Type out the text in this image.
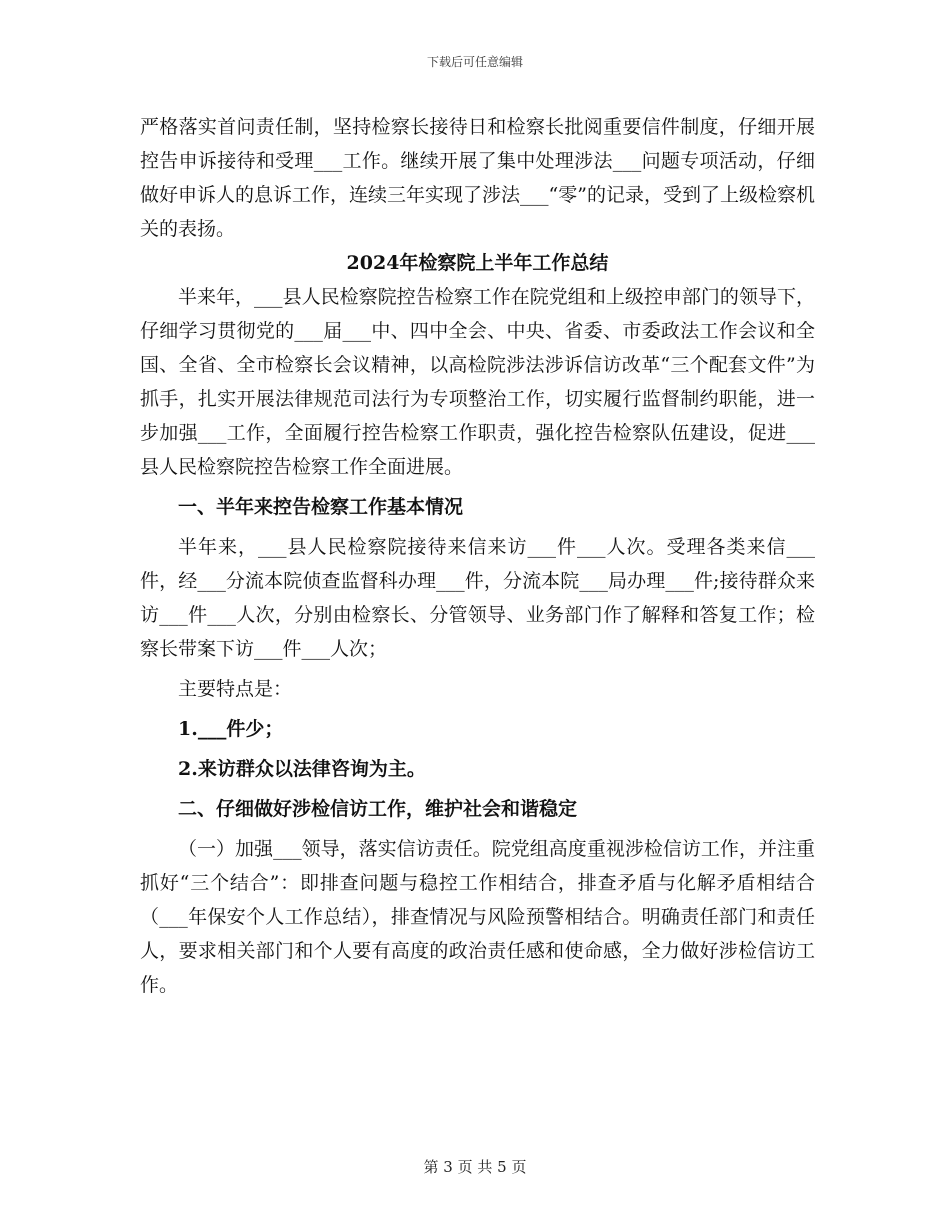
下载后可任意编辑

严格落实首问责任制，坚持检察长接待日和检察长批阅重要信件制度，仔细开展控告申诉接待和受理___工作。继续开展了集中处理涉法___问题专项活动，仔细做好申诉人的息诉工作，连续三年实现了涉法___“零”的记录，受到了上级检察机关的表扬。

2024年检察院上半年工作总结

半来年，___县人民检察院控告检察工作在院党组和上级控申部门的领导下，仔细学习贯彻党的___届___中、四中全会、中央、省委、市委政法工作会议和全国、全省、全市检察长会议精神，以高检院涉法涉诉信访改革“三个配套文件”为抓手，扎实开展法律规范司法行为专项整治工作，切实履行监督制约职能，进一步加强___工作，全面履行控告检察工作职责，强化控告检察队伍建设，促进___县人民检察院控告检察工作全面进展。

一、半年来控告检察工作基本情况

半年来，___县人民检察院接待来信来访___件___人次。受理各类来信___件，经___分流本院侦查监督科办理___件，分流本院___局办理___件;接待群众来访___件___人次，分别由检察长、分管领导、业务部门作了解释和答复工作；检察长带案下访___件___人次；

主要特点是：

1.___件少；

2.来访群众以法律咨询为主。

二、仔细做好涉检信访工作，维护社会和谐稳定

（一）加强___领导，落实信访责任。院党组高度重视涉检信访工作，并注重抓好“三个结合”：即排查问题与稳控工作相结合，排查矛盾与化解矛盾相结合（___年保安个人工作总结），排查情况与风险预警相结合。明确责任部门和责任人，要求相关部门和个人要有高度的政治责任感和使命感，全力做好涉检信访工作。

第 3 页 共 5 页
